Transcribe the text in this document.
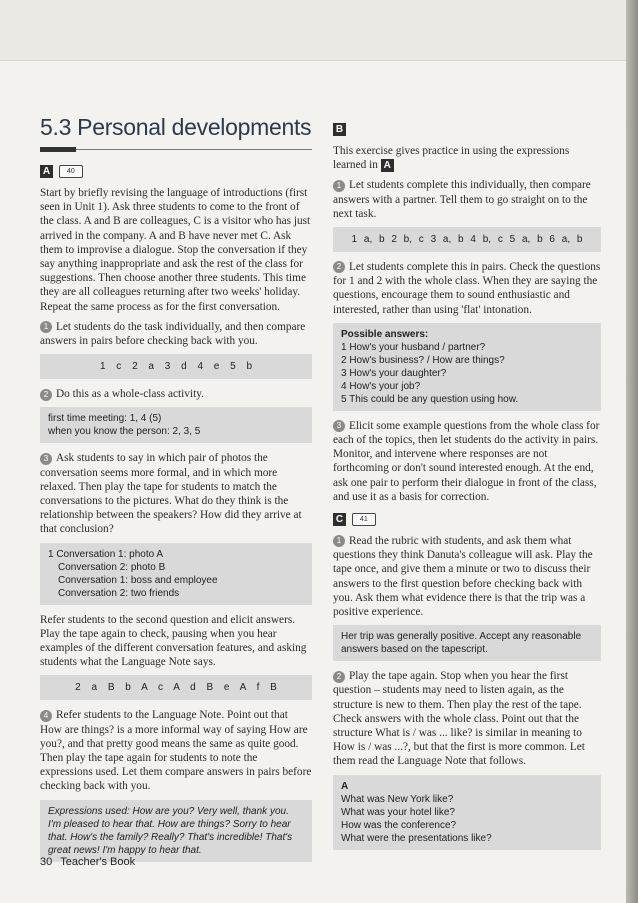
5.3 Personal developments
A 40

Start by briefly revising the language of introductions (first seen in Unit 1). Ask three students to come to the front of the class. A and B are colleagues, C is a visitor who has just arrived in the company. A and B have never met C. Ask them to improvise a dialogue. Stop the conversation if they say anything inappropriate and ask the rest of the class for suggestions. Then choose another three students. This time they are all colleagues returning after two weeks' holiday. Repeat the same process as for the first conversation.

1 Let students do the task individually, and then compare answers in pairs before checking back with you.

1 c 2 a 3 d 4 e 5 b

2 Do this as a whole-class activity.

first time meeting: 1, 4 (5)
when you know the person: 2, 3, 5

3 Ask students to say in which pair of photos the conversation seems more formal, and in which more relaxed. Then play the tape for students to match the conversations to the pictures. What do they think is the relationship between the speakers? How did they arrive at that conclusion?

1 Conversation 1: photo A
Conversation 2: photo B
Conversation 1: boss and employee
Conversation 2: two friends

Refer students to the second question and elicit answers. Play the tape again to check, pausing when you hear examples of the different conversation features, and asking students what the Language Note says.

2 a B b A c A d B e A f B

4 Refer students to the Language Note. Point out that How are things? is a more informal way of saying How are you?, and that pretty good means the same as quite good. Then play the tape again for students to note the expressions used. Let them compare answers in pairs before checking back with you.

Expressions used: How are you? Very well, thank you. I'm pleased to hear that. How are things? Sorry to hear that. How's the family? Really? That's incredible! That's great news! I'm happy to hear that.
B

This exercise gives practice in using the expressions learned in A

1 Let students complete this individually, then compare answers with a partner. Tell them to go straight on to the next task.

1 a, b 2 b, c 3 a, b 4 b, c 5 a, b 6 a, b

2 Let students complete this in pairs. Check the questions for 1 and 2 with the whole class. When they are saying the questions, encourage them to sound enthusiastic and interested, rather than using 'flat' intonation.

Possible answers:
1 How's your husband / partner?
2 How's business? / How are things?
3 How's your daughter?
4 How's your job?
5 This could be any question using how.

3 Elicit some example questions from the whole class for each of the topics, then let students do the activity in pairs. Monitor, and intervene where responses are not forthcoming or don't sound interested enough. At the end, ask one pair to perform their dialogue in front of the class, and use it as a basis for correction.

C 41

1 Read the rubric with students, and ask them what questions they think Danuta's colleague will ask. Play the tape once, and give them a minute or two to discuss their answers to the first question before checking back with you. Ask them what evidence there is that the trip was a positive experience.

Her trip was generally positive. Accept any reasonable answers based on the tapescript.

2 Play the tape again. Stop when you hear the first question – students may need to listen again, as the structure is new to them. Then play the rest of the tape. Check answers with the whole class. Point out that the structure What is / was ... like? is similar in meaning to How is / was ...?, but that the first is more common. Let them read the Language Note that follows.

A
What was New York like?
What was your hotel like?
How was the conference?
What were the presentations like?
30 Teacher's Book
